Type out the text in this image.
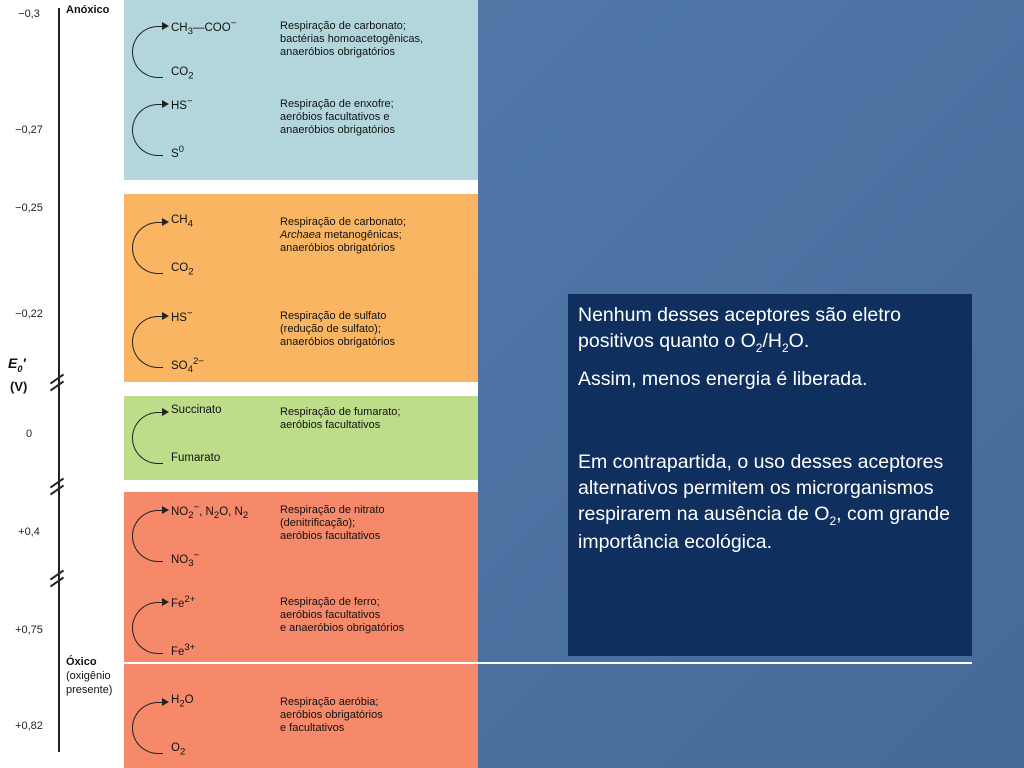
Anóxico
−0,3
−0,27
−0,25
−0,22
0
+0,4
+0,75
+0,82
$E_0'$
(V)
Óxico
(oxigênio
presente)
$CH_3—COO^-$
$CO_2$
Respiração de carbonato;
bactérias homoacetogênicas,
anaeróbios obrigatórios
HS−
$S^0$
Respiração de enxofre;
aeróbios facultativos e
anaeróbios obrigatórios
$CH_4$
$CO_2$
Respiração de carbonato;
Archaea metanogênicas;
anaeróbios obrigatórios
HS−
$SO_4^{2-}$
Respiração de sulfato
(redução de sulfato);
anaeróbios obrigatórios
Succinato
Fumarato
Respiração de fumarato;
aeróbios facultativos
$NO_2^-$, $N_2O$, $N_2$
$NO_3^-$
Respiração de nitrato
(denitrificação);
aeróbios facultativos
$Fe^{2+}$
$Fe^{3+}$
Respiração de ferro;
aeróbios facultativos
e anaeróbios obrigatórios
$H_2O$
$O_2$
Respiração aeróbia;
aeróbios obrigatórios
e facultativos

Nenhum desses aceptores são eletro positivos quanto o $O_2/H_2O$.

Assim, menos energia é liberada.

Em contrapartida, o uso desses aceptores alternativos permitem os microrganismos respirarem na ausência de $O_2$, com grande importância ecológica.
